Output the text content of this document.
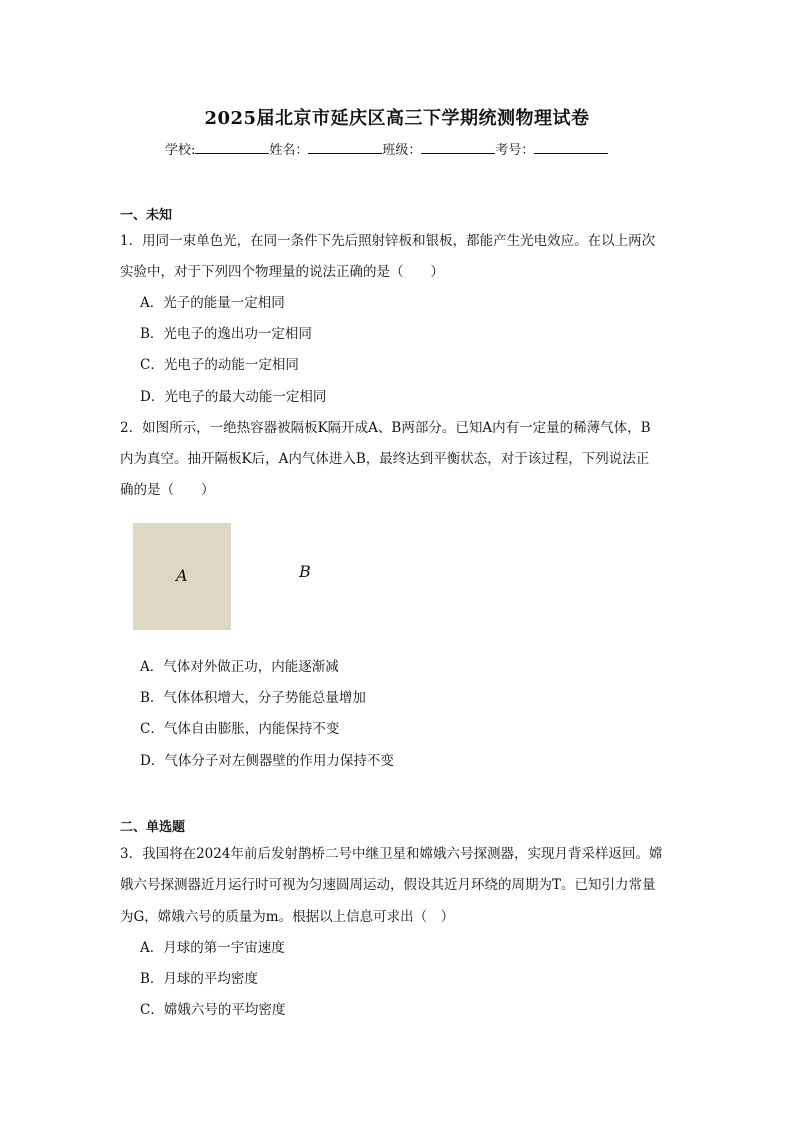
2025届北京市延庆区高三下学期统测物理试卷
学校:	姓名：	班级：	考号：
一、未知
1．用同一束单色光，在同一条件下先后照射锌板和银板，都能产生光电效应。在以上两次
实验中，对于下列四个物理量的说法正确的是（　　）
A．光子的能量一定相同
B．光电子的逸出功一定相同
C．光电子的动能一定相同
D．光电子的最大动能一定相同
2．如图所示，一绝热容器被隔板K隔开成A、B两部分。已知A内有一定量的稀薄气体，B
内为真空。抽开隔板K后，A内气体进入B，最终达到平衡状态，对于该过程，下列说法正
确的是（　　）
A	B
A．气体对外做正功，内能逐渐减
B．气体体积增大，分子势能总量增加
C．气体自由膨胀，内能保持不变
D．气体分子对左侧器壁的作用力保持不变
二、单选题
3．我国将在2024年前后发射鹊桥二号中继卫星和嫦娥六号探测器，实现月背采样返回。嫦
娥六号探测器近月运行时可视为匀速圆周运动，假设其近月环绕的周期为T。已知引力常量
为G，嫦娥六号的质量为m。根据以上信息可求出（　）
A．月球的第一宇宙速度
B．月球的平均密度
C．嫦娥六号的平均密度
